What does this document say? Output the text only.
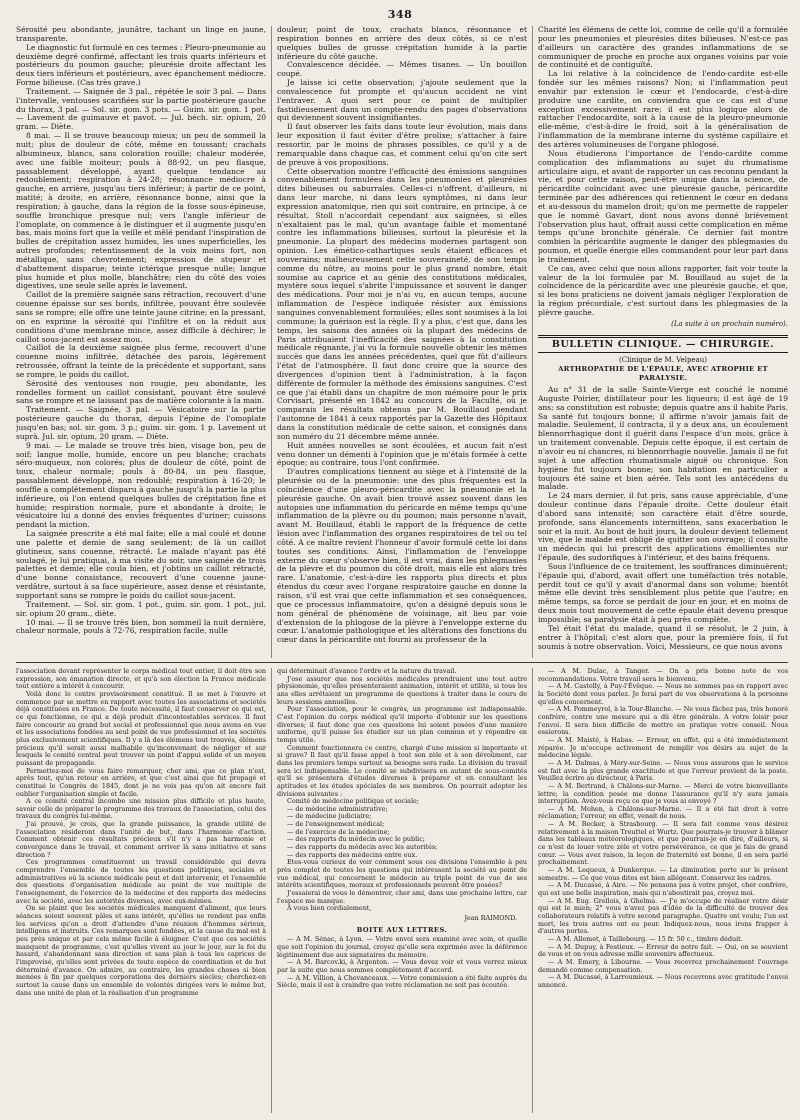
348

Sérosité peu abondante, jaunâtre, tachant un linge en jaune, transparente.

Le diagnostic fut formulé en ces termes : Pleuro-pneumonie au deuxième degré confirmé, affectant les trois quarts inférieurs et postérieurs du poumon gauche; pleurésie droite affectant les deux tiers inférieurs et postérieurs, avec épanchement médiocre. Forme bilieuse. (Cas très grave.)

Traitement. — Saignée de 3 pal., répétée le soir 3 pal. — Dans l'intervalle, ventouses scarifiées sur la partie postérieure gauche du thorax, 3 pal. — Sol. sir. gom. 3 pots. — Guim. sir. gom. 1 pot. — Lavement de guimauve et pavot. — Jul. béch. sir. opium, 20 gram. — Diète.

8 mai. — Il se trouve beaucoup mieux; un peu de sommeil la nuit; plus de douleur de côté, même en toussant; crachats albumineux, blancs, sans coloration rouille; chaleur modérée, avec une faible moiteur; pouls à 88-92, un peu flasque, passablement développé, ayant quelque tendance au redoublement; respiration à 24-28; résonnance médiocre à gauche, en arrière, jusqu'au tiers inférieur; à partir de ce point, matité; à droite, en arrière, résonnance bonne, ainsi que la respiration; à gauche, dans la région de la fosse sous-épineuse, souffle bronchique presque nul; vers l'angle inférieur de l'omoplate, on commence à le distinguer et il augmente jusqu'en bas, mais moins fort que la veille et mêlé pendant l'inspiration de bulles de crépitation assez humides, les unes superficielles, les autres profondes; retentissement de la voix moins fort, non métallique, sans chevrotement; expression de stupeur et d'abattement disparue; teinte ictérique presque nulle; langue plus humide et plus molle, blanchâtre; rien du côté des voies digestives, une seule selle après le lavement.

Caillot de la première saignée sans rétraction, recouvert d'une couenne épaisse sur ses bords, infiltrée, pouvant être soulevée sans se rompre; elle offre une teinte jaune citrine; en la pressant, on en exprime la sérosité qui l'infiltre et on la réduit aux conditions d'une membrane mince, assez difficile à déchirer; le caillot sous-jacent est assez mou.

Caillot de la deuxième saignée plus ferme, recouvert d'une couenne moins infiltrée, détachée des parois, légèrement retroussée, offrant la teinte de la précédente et supportant, sans se rompre, le poids du caillot.

Sérosité des ventouses non rougie, peu abondante, les rondelles forment un caillot consistant, pouvant être soulevé sans se rompre et ne laissant pas de matière colorante à la main.

Traitement. — Saignée, 3 pal. — Vésicatoire sur la partie postérieure gauche du thorax, depuis l'épine de l'omoplate jusqu'en bas; sol. sir. gom. 3 p.; guim. sir. gom. 1 p. Lavement ut suprà. Jul. sir. opium, 20 gram. — Diète.

9 mai. — Le malade se trouve très bien, visage bon, peu de soif; langue molle, humide, encore un peu blanche; crachats séro-muqueux, non colorés; plus de douleur de côté, point de toux, chaleur normale; pouls à 80-84, un peu flasque, passablement développé, non redoublé; respiration à 16-20; le souffle a complètement disparu à gauche jusqu'à la partie la plus inférieure, où l'on entend quelques bulles de crépitation fine et humide; respiration normale, pure et abondante à droite; le vésicatoire lui a donné des envies fréquentes d'uriner; cuissons pendant la miction.

La saignée prescrite a été mal faite; elle a mal coulé et donne une palette et demie de sang seulement; de là un caillot glutineux, sans couenne, rétracté. Le malade n'ayant pas été soulagé, je lui pratiquai, à ma visite du soir, une saignée de trois palettes et demie; elle coula bien, et j'obtins un caillot rétracté, d'une bonne consistance, recouvert d'une couenne jaune-verdâtre, surtout à sa face supérieure, assez dense et résistante, supportant sans se rompre le poids du caillot sous-jacent.

Traitement. — Sol. sir. gom. 1 pot., guim. sir. gom. 1 pot., jul. sir. opium 20 gram., diète.

10 mai. — Il se trouve très bien, bon sommeil la nuit dernière, chaleur normale, pouls à 72-76, respiration facile, nulle

douleur, point de toux, crachats blancs, résonnance et respiration bonnes en arrière des deux côtés, si ce n'est quelques bulles de grosse crépitation humide à la partie inférieure du côté gauche.

Convalescence décidée. — Mêmes tisanes. — Un bouillon coupé.

Je laisse ici cette observation; j'ajoute seulement que la convalescence fut prompte et qu'aucun accident ne vint l'entraver. A quoi sert pour ce point de multiplier fastidieusement dans un compte-rendu des pages d'observations qui deviennent souvent insignifiantes.

Il faut observer les faits dans toute leur évolution, mais dans leur exposition il faut éviter d'être prolixe; s'attacher à faire ressortir, par le moins de phrases possibles, ce qu'il y a de remarquable dans chaque cas, et comment celui qu'on cite sert de preuve à vos propositions.

Cette observation montre l'efficacité des émissions sanguines convenablement formulées dans les pneumonies et pleurésies dites bilieuses ou saburrales. Celles-ci n'offrent, d'ailleurs, ni dans leur marche, ni dans leurs symptômes, ni dans leur expression anatomique, rien qui soit contraire, en principe, à ce résultat. Stoll n'accordait cependant aux saignées, si elles n'exaltaient pas le mal, qu'un avantage faible et momentané contre les inflammations bilieuses, surtout la pleurésie et la pneumonie. La plupart des médecins modernes partagent son opinion. Les émético-cathartiques seuls étaient efficaces et souverains; malheureusement cette souveraineté, de son temps comme du nôtre, au moins pour le plus grand nombre, était soumise au caprice et au génie des constitutions médicales, mystère sous lequel s'abrite l'impuissance et souvent le danger des médications. Pour moi je n'ai vu, en aucun temps, aucune inflammation de l'espèce indiquée résister aux émissions sanguines convenablement formulées; elles sont soumises à la loi commune; la guérison est la règle. Il y a plus, c'est que, dans les temps, les saisons des années où la plupart des médecins de Paris attribuaient l'inefficacité des saignées à la constitution médicale régnante, j'ai vu la formule nouvelle obtenir les mêmes succès que dans les années précédentes, quel que fût d'ailleurs l'état de l'atmosphère. Il faut donc croire que la source des divergences d'opinion tient à l'administration, à la façon différente de formuler la méthode des émissions sanguines. C'est ce que j'ai établi dans un chapitre de mon mémoire pour le prix Corvisart, présenté en 1842 au concours de la Faculté, où je comparais les résultats obtenus par M. Bouillaud pendant l'automne de 1841 à ceux rapportés par la Gazette des Hôpitaux dans la constitution médicale de cette saison, et consignés dans son numéro du 21 décembre même année.

Huit années nouvelles se sont écoulées, et aucun fait n'est venu donner un démenti à l'opinion que je m'étais formée à cette époque; au contraire, tous l'ont confirmée.

D'autres complications tiennent au siège et à l'intensité de la pleurésie ou de la pneumonie: une des plus fréquentes est la coïncidence d'une pleuro-péricardite avec la pneumonie et la pleurésie gauche. On avait bien trouvé assez souvent dans les autopsies une inflammation du péricarde en même temps qu'une inflammation de la plèvre ou du poumon; mais personne n'avait, avant M. Bouillaud, établi le rapport de la fréquence de cette lésion avec l'inflammation des organes respiratoires de tel ou tel côté. A ce maître revient l'honneur d'avoir formulé cette loi dans toutes ses conditions. Ainsi, l'inflammation de l'enveloppe externe du cœur s'observe bien, il est vrai, dans les phlegmasies de la plèvre et du poumon du côté droit, mais elle est alors très rare. L'anatomie, c'est-à-dire les rapports plus directs et plus étendus du cœur avec l'organe respiratoire gauche en donne la raison, s'il est vrai que cette inflammation et ses conséquences, que ce processus inflammatoire, qu'on a désigné depuis sous le nom général de phénomène de voisinage, ait lieu par voie d'extension de la phlogose de la plèvre à l'enveloppe externe du cœur. L'anatomie pathologique et les altérations des fonctions du cœur dans la péricardite ont fourni au professeur de la

Charité les élémens de cette loi, comme de celle qu'il a formulée pour les pneumonies et pleurésies dites bilieuses. N'est-ce pas d'ailleurs un caractère des grandes inflammations de se communiquer de proche en proche aux organes voisins par voie de continuité et de contiguïté.

La loi relative à la coïncidence de l'endo-cardite est-elle fondée sur les mêmes raisons? Non; si l'inflammation peut envahir par extension le cœur et l'endocarde, c'est-à-dire produire une cardite, on conviendra que ce cas est d'une exception excessivement rare; il est plus logique alors de rattacher l'endocardite, soit à la cause de la pleuro-pneumonie elle-même, c'est-à-dire le froid, soit à la généralisation de l'inflammation de la membrane interne du système capillaire et des artères volumineuses de l'organe phlogosé.

Nous étudierons l'importance de l'endo-cardite comme complication des inflammations au sujet du rhumatisme articulaire aigu, et avant de rapporter un cas reconnu pendant la vie, et pour cette raison, peut-être unique dans la science, de péricardite coïncidant avec une pleurésie gauche, péricardite terminée par des adhérences qui retiennent le cœur en dedans et au-dessous du mamelon droit; qu'on me permette de rappeler que le nommé Gavart, dont nous avons donné brièvement l'observation plus haut, offrait aussi cette complication en même temps qu'une bronchite générale. Ce dernier fait montre combien la péricardite augmente le danger des phlegmasies du poumon, et quelle énergie elles commandent pour leur part dans le traitement.

Ce cas, avec celui que nous allons rapporter, fait voir toute la valeur de la loi formulée par M. Bouillaud au sujet de la coïncidence de la péricardite avec une pleurésie gauche, et que, si les bons praticiens ne doivent jamais négliger l'exploration de la région précordiale, c'est surtout dans les phlegmasies de la plèvre gauche.

(La suite à un prochain numéro).
BULLETIN CLINIQUE. — CHIRURGIE.
(Clinique de M. Velpeau)
ARTHROPATHIE DE L'ÉPAULE, AVEC ATROPHIE ET PARALYSIE.

Au n° 31 de la salle Sainte-Vierge est couché le nommé Auguste Poirier, distillateur pour les liqueurs; il est âgé de 19 ans; sa constitution est robuste; depuis quatre ans il habite Paris. Sa santé fut toujours bonne; il affirme n'avoir jamais fait de maladie. Seulement, il contracta, il y a deux ans, un écoulement blennorrhagique dont il guérit dans l'espace d'un mois, grâce à un traitement convenable. Depuis cette époque, il est certain de n'avoir eu ni chancres, ni blennorrhagie nouvelle. Jamais il ne fut sujet à une affection rhumatismale aiguë ou chronique. Son hygiène fut toujours bonne; son habitation en particulier a toujours été saine et bien aérée. Tels sont les antécédens du malade.

Le 24 mars dernier, il fut pris, sans cause appréciable, d'une douleur continue dans l'épaule droite. Cette douleur était d'abord sans intensité; son caractère était d'être sourde, profonde, sans élancements intermittens, sans exacerbation le soir et la nuit. Au bout de huit jours, la douleur devient tellement vive, que le malade est obligé de quitter son ouvrage; il consulte un médecin qui lui prescrit des applications émollientes sur l'épaule, des sudorifiques à l'intérieur, et des bains fréquens.

Sous l'influence de ce traitement, les souffrances diminuèrent; l'épaule qui, d'abord, avait offert une tuméfaction très notable, perdit tout ce qu'il y avait d'anormal dans son volume; bientôt même elle devint très sensiblement plus petite que l'autre; en même temps, sa force se perdait de jour en jour, et en moins de deux mois tout mouvement de cette épaule était devenu presque impossible; sa paralysie était à peu près complète.

Tel était l'état du malade, quand il se résolut, le 2 juin, à entrer à l'hôpital; c'est alors que, pour la première fois, il fut soumis à notre observation. Voici, Messieurs, ce que nous avons

l'association devant représenter le corps médical tout entier, il doit être son expression, son émanation directe, et qu'à son élection la France médicale tout entière a intérêt à concourir.

Voilà donc le centre provisoirement constitué. Il se met à l'œuvre et commence par se mettre en rapport avec toutes les associations et sociétés déjà constituées en France. De toute nécessité, il faut conserver ce qui est, ce qui fonctionne, ce qui a déjà produit d'incontestables services. Il faut faire concourir au grand but social et professionnel que nous avons en vue et les associations fondées au seul point de vue professionnel et les sociétés plus exclusivement scientifiques. Il y a là des élémens tout trouvés, élémens précieux qu'il serait aussi malhabile qu'inconvenant de négliger et sur lesquels le comité central peut trouver un point d'appui solide et un moyen puissant de propagande.

Permettez-moi de vous faire remarquer, cher ami, que ce plan n'est, après tout, qu'un retour en arrière, et que c'est ainsi que fut propagé et constitué le Congrès de 1845, dont je ne vois pas qu'on ait encore fait oublier l'organisation simple et facile.

A ce comité central incombe une mission plus difficile et plus haute, savoir celle de préparer le programme des travaux de l'association, celui des travaux du congrès lui-même.

J'ai prouvé, je crois, que la grande puissance, la grande utilité de l'association résideront dans l'unité de but, dans l'harmonie d'action. Comment obtenir ces résultats précieux s'il n'y a pas harmonie et convergence dans le travail, et comment arriver là sans initiative et sans direction ?

Ces programmes constitueront un travail considérable qui devra comprendre l'ensemble de toutes les questions politiques, sociales et administratives où la science médicale peut et doit intervenir, et l'ensemble des questions d'organisation médicale au point de vue multiple de l'enseignement, de l'exercice de la médecine et des rapports des médecins avec la société, avec les autorités diverses, avec eux-mêmes.

On se plaint que les sociétés médicales manquent d'aliment, que leurs séances soient souvent pâles et sans intérêt, qu'elles ne rendent pas enfin les services qu'on a droit d'attendre d'une réunion d'hommes sérieux, intelligens et instruits. Ces remarques sont fondées, et la cause du mal est à peu près unique et par cela même facile à éloigner. C'est que ces sociétés manquent de programme, c'est qu'elles vivent au jour le jour, sur la foi du hasard, s'abandonnant sans direction et sans plan à tous les caprices de l'improvisé, qu'elles sont privées de toute espèce de coordination et de but déterminé d'avance. On admire, au contraire, les grandes choses si bien menées à fin par quelques corporations des derniers siècles; cherchez-en surtout la cause dans un ensemble de volontés dirigées vers le même but, dans une unité de plan et la réalisation d'un programme

qui déterminait d'avance l'ordre et la nature du travail.

J'ose assurer que nos sociétés médicales prendraient une tout autre physionomie, qu'elles présenteraient animation, intérêt et utilité, si tous les ans elles arrêtaient un programme de questions à traiter dans le cours de leurs sessions annuelles.

Pour l'association, pour le congrès, un programme est indispensable. C'est l'opinion du corps médical qu'il importe d'obtenir sur les questions diverses; il faut donc que ces questions lui soient posées d'une manière uniforme, qu'il puisse les étudier sur un plan commun et y répondre en temps utile.

Comment fonctionnera ce centre, chargé d'une mission si importante et si grave? Il faut qu'il fasse appel à tout son zèle et à son dévoûment, car dans les premiers temps surtout sa besogne sera rude. La division du travail sera ici indispensable. Le comité se subdivisera en autant de sous-comités qu'il se présentera d'études diverses à préparer et en consultant les aptitudes et les études spéciales de ses membres. On pourrait adopter les divisions suivantes :

Comité de médecine politique et sociale;

— de médecine administrative;

— de médecine judiciaire;

— de l'enseignement médical;

— de l'exercice de la médecine;

— des rapports du médecin avec le public;

— des rapports du médecin avec les autorités;

— des rapports des médecins entre eux.

Etes-vous curieux de voir comment sous ces divisions l'ensemble à peu près complet de toutes les questions qui intéressent la société au point de vue médical, qui concernent le médecin au triple point de vue de ses intérêts scientifiques, moraux et professionnels peuvent être posées?

J'essaierai de vous le démontrer, cher ami, dans une prochaine lettre, car l'espace me manque.

A vous bien cordialement,

Jean RAIMOND.
BOITE AUX LETTRES.

— A M. Sénac, à Lyon. — Votre envoi sera examiné avec soin, et quelle que soit l'opinion du journal, croyez qu'elle sera exprimée avec la déférence légitimement due aux signataires du mémoire.

— A M. Barcov.ki, à Argenton. — Vous devez voir et vous verrez mieux par la suite que nous sommes complètement d'accord.

— A M. Villion, à Chevanceaux. — Votre commission a été faite auprès du Siècle, mais il est à craindre que votre réclamation ne soit pas écoutée.

— A M. Dulac, à Tanger. — On a pris bonne note de vos recommandations. Votre travail sera le bienvenu.

— A M. Castelly, à Puy-l'Évêque. — Nous ne sommes pas en rapport avec la Société dont vous parlez. Je ferai part de vos observations à la personne qu'elles concernent.

— A M. Pommeyrol, à la Tour-Blanche. — Ne vous fâchez pas, très honoré confrère, contre une mesure qui a dû être générale. A votre loisir pour l'envoi. Il sera bien difficile de mettre en pratique votre conseil. Nous essierons.

— A M. Maisté, à Habas. — Erreur, en effet, qui a été immédiatement réparée. Je m'occupe activement de remplir vos désirs au sujet de la médecine légale.

— A M. Dalmas, à Méry-sur-Seine. — Nous vous assurons que le service est fait avec la plus grande exactitude et que l'erreur provient de la poste. Veuillez écrire au directeur, à Paris.

— A M. Bertrand, à Châlons-sur-Marne. — Merci de votre bienveillante lettre; la condition posée me donne l'assurance qu'il n'y aura jamais interruption. Avez-vous reçu ce que je vous ai envoyé ?

— A M. Mohen, à Châlons-sur-Marne. — Il a été fait droit à votre réclamation; l'erreur, en effet, venait de nous.

— A M. Becker, à Strasbourg. — Il sera fait comme vous désirez relativement à la maison Treuttel et Wurtz. Que pourrais-je trouver à blâmer dans les tableaux météorologiques, et que pourrais-je en dire, d'ailleurs, si ce n'est de louer votre zèle et votre persévérance, ce que je fais de grand cœur. — Vous avez raison, la leçon de fraternité est bonne, il en sera parlé prochainement.

— A M. Lequeux, à Dunkerque. — La diminution porte sur le présent semestre. — Ce que vous dites est bien allégeant. Conservez les cadres.

— A M. Ducassé, à Aire. — Ne pensons pas à votre projet, cher confrère, qui est une belle inspiration, mais qui n'aboutirait pas, croyez moi.

— A M. Eug. Grellois, à Ghelma. — J'e m'occupe de réaliser votre désir qui est le mien; 2° vous n'avez pas d'idée de la difficulté de trouver des collaborateurs relatifs à votre second paragraphe. Quatre ont voulu; l'un est mort, les trois autres ont eu peur. Indiquez-nous, nous irons frapper à d'autres portes.

— A M. Allemet, à Taillebourg. — 15 fr. 50 c., timbre déduit.

— A M. Dupuy, à Festieux. — Erreur de notre fait. — Oui, on se souvient de vous et on vous adresse mille souvenirs affectueux.

— A M. Emery, à Libourne. — Vous recevrez prochainement l'ouvrage demandé comme compensation.

— A M. Ducassé, à Larroumieux. — Nous recevrons avec gratitude l'envoi annoncé.
